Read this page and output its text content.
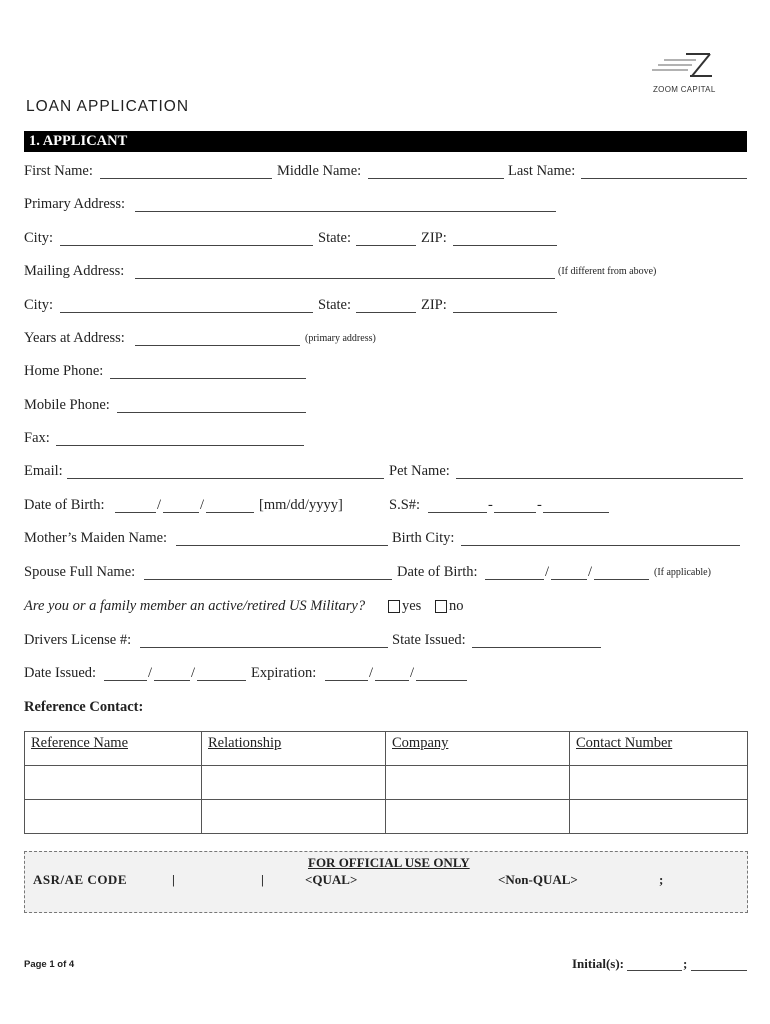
ZOOM CAPITAL
LOAN APPLICATION
1. APPLICANT
First Name:	Middle Name:	Last Name:
Primary Address:
City:	State:	ZIP:
Mailing Address:	(If different from above)
City:	State:	ZIP:
Years at Address:	(primary address)
Home Phone:
Mobile Phone:
Fax:
Email:	Pet Name:
Date of Birth:	/	/	[mm/dd/yyyy]	S.S#:	-	-
Mother’s Maiden Name:	Birth City:
Spouse Full Name:	Date of Birth:	/	/	(If applicable)
Are you or a family member an active/retired US Military?	yes no
Drivers License #:	State Issued:
Date Issued:	/	/	Expiration:	/	/
Reference Contact:
Reference Name	Relationship	Company	Contact Number

FOR OFFICIAL USE ONLY
ASR/AE CODE	|	|	<QUAL>	<Non-QUAL>	;
Page 1 of 4	Initial(s):	;
